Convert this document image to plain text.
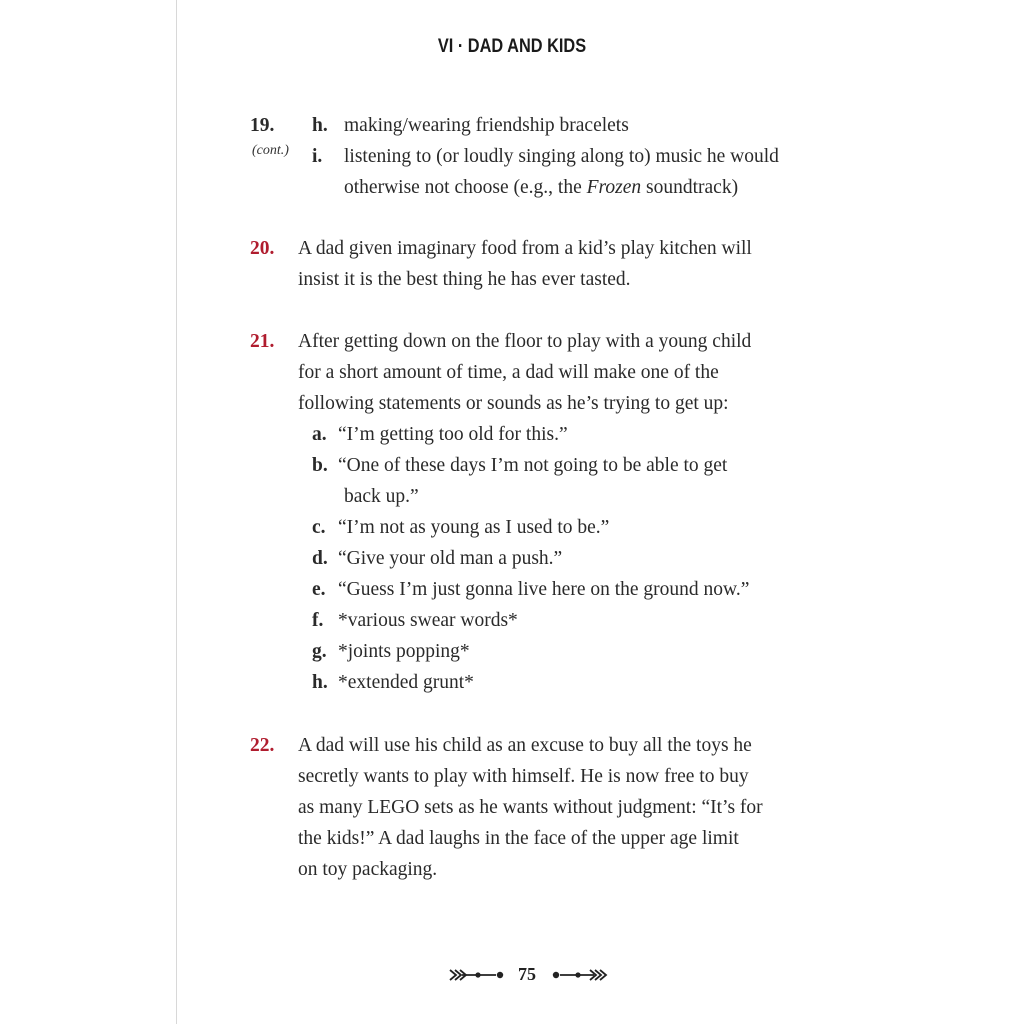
VI · DAD AND KIDS
19.
(cont.)
h. making/wearing friendship bracelets
i. listening to (or loudly singing along to) music he would
otherwise not choose (e.g., the Frozen soundtrack)
20. A dad given imaginary food from a kid’s play kitchen will
insist it is the best thing he has ever tasted.
21. After getting down on the floor to play with a young child
for a short amount of time, a dad will make one of the
following statements or sounds as he’s trying to get up:
a. “I’m getting too old for this.”
b. “One of these days I’m not going to be able to get
back up.”
c. “I’m not as young as I used to be.”
d. “Give your old man a push.”
e. “Guess I’m just gonna live here on the ground now.”
f. *various swear words*
g. *joints popping*
h. *extended grunt*
22. A dad will use his child as an excuse to buy all the toys he
secretly wants to play with himself. He is now free to buy
as many LEGO sets as he wants without judgment: “It’s for
the kids!” A dad laughs in the face of the upper age limit
on toy packaging.
75
